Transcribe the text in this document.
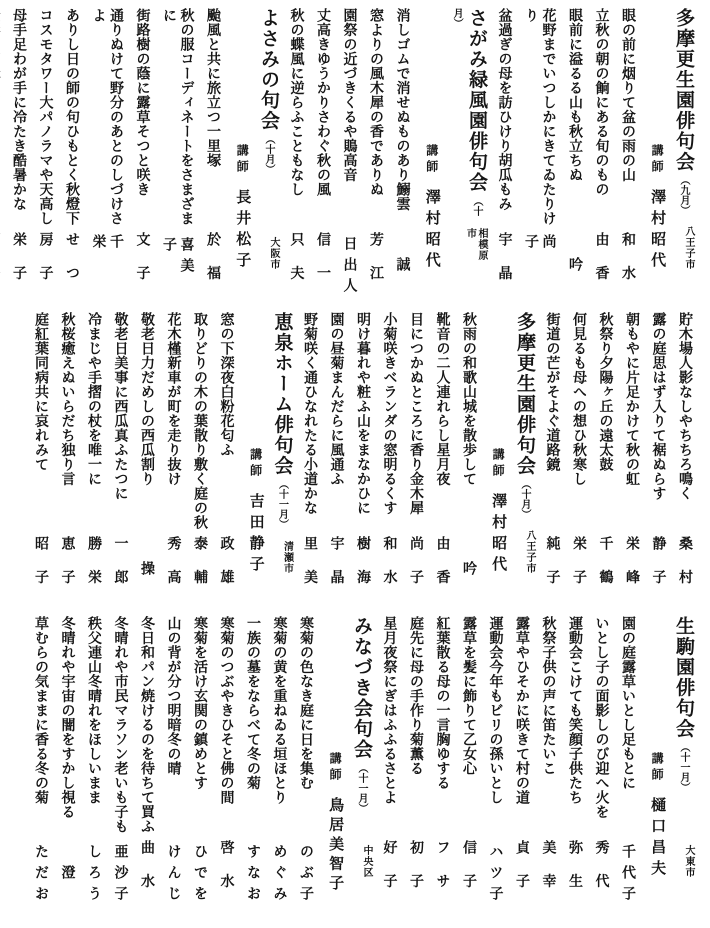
多摩更生園俳句会（九月）
八王子市
講師 澤村昭代
眼の前に烟りて盆の雨の山
和水
立秋の朝の餉にある旬のもの
由香
眼前に溢るる山も秋立ちぬ
吟
花野までいつしかにきてゐたりけり
尚子
盆過ぎの母を訪ひけり胡瓜もみ
宇晶
さがみ緑風園俳句会（十月）
相模原市
講師 澤村昭代
消しゴムで消せぬものあり鰯雲
誠
窓よりの風木犀の香でありぬ
芳江
園祭の近づきくるや鵙高音
日出人
丈高きゆうかりさわぐ秋の風
信一
秋の蝶風に逆らふこともなし
只夫
よさみの句会（十月）
大阪市
講師 長井松子
颱風と共に旅立つ一里塚
於福
秋の服コーディネートをさまざまに
喜美子
街路樹の蔭に露草そつと咲き
文子
通りぬけて野分のあとのしづけさよ
千栄
ありし日の師の句ひもとく秋燈下
せつ
コスモタワー大パノラマや天高し
房子
母手足わが手に冷たき酷暑かな
栄子
貯木場人影なしやちちろ鳴く
桑村
露の庭思はず入りて裾ぬらす
静子
朝もやに片足かけて秋の虹
栄峰
秋祭り夕陽ヶ丘の遠太鼓
千鶴
何見るも母への想ひ秋寒し
栄子
街道の芒がそよぐ道路鏡
純子
多摩更生園俳句会（十月）
八王子市
講師 澤村昭代
秋雨の和歌山城を散歩して
吟
靴音の二人連れらし星月夜
由香
目につかぬところに香り金木犀
尚子
小菊咲きベランダの窓明るくす
和水
明け暮れや粧ふ山をまなかひに
樹海
園の昼菊まんだらに風通ふ
宇晶
野菊咲く通ひなれたる小道かな
里美
恵泉ホーム俳句会（十一月）
清瀬市
講師 吉田静子
窓の下深夜白粉花匂ふ
政雄
取りどりの木の葉散り敷く庭の秋
泰輔
花木槿新車が町を走り抜け
秀高
敬老日力だめしの西瓜割り
操
敬老日美事に西瓜真ふたつに
一郎
冷まじや手摺の杖を唯一に
勝栄
秋桜癒えぬいらだち独り言
恵子
庭紅葉同病共に哀れみて
昭子
生駒園俳句会（十一月）
大東市
講師 樋口昌夫
園の庭露草いとし足もとに
千代子
いとし子の面影しのび迎へ火を
秀代
運動会こけても笑顔子供たち
弥生
秋祭子供の声に笛たいこ
美幸
露草やひそかに咲きて村の道
貞子
運動会今年もビリの孫いとし
ハツ子
露草を髪に飾りて乙女心
信子
紅葉散る母の一言胸ゆする
フサ
庭先に母の手作り菊薫る
初子
星月夜祭にぎはふふるさとよ
好子
みなづき会句会（十一月）
中央区
講師 鳥居美智子
寒菊の色なき庭に日を集む
のぶ子
寒菊の黄を重ねゐる垣ほとり
めぐみ
一族の墓をならべて冬の菊
すなお
寒菊のつぶやきひそと佛の間
啓水
寒菊を活け玄関の鎮めとす
ひでを
山の背が分つ明暗冬の晴
けんじ
冬日和パン焼けるのを待ちて買ふ
曲水
冬晴れや市民マラソン老いも子も
亜沙子
秩父連山冬晴れをほしいまま
しろう
冬晴れや宇宙の闇をすかし視る
澄
草むらの気ままに香る冬の菊
ただお
